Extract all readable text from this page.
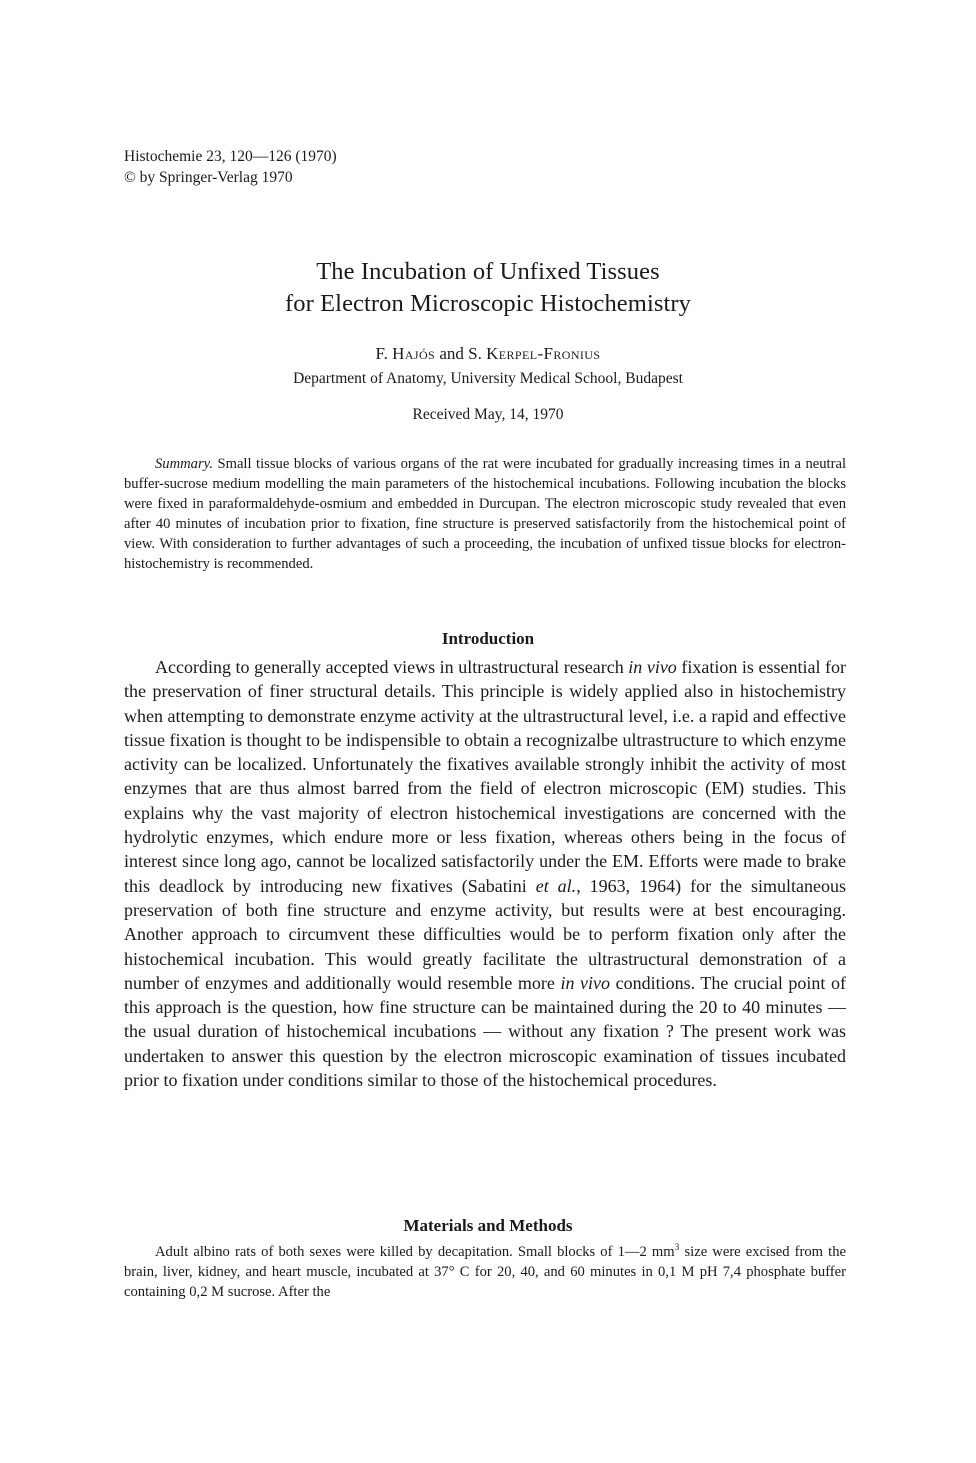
Histochemie 23, 120—126 (1970)
© by Springer-Verlag 1970
The Incubation of Unfixed Tissues
for Electron Microscopic Histochemistry
F. Hajós and S. Kerpel-Fronius
Department of Anatomy, University Medical School, Budapest
Received May, 14, 1970
Summary. Small tissue blocks of various organs of the rat were incubated for gradually increasing times in a neutral buffer-sucrose medium modelling the main parameters of the histochemical incubations. Following incubation the blocks were fixed in paraformaldehyde-osmium and embedded in Durcupan. The electron microscopic study revealed that even after 40 minutes of incubation prior to fixation, fine structure is preserved satisfactorily from the histochemical point of view. With consideration to further advantages of such a proceeding, the incubation of unfixed tissue blocks for electron-histochemistry is recommended.
Introduction
According to generally accepted views in ultrastructural research in vivo fixation is essential for the preservation of finer structural details. This principle is widely applied also in histochemistry when attempting to demonstrate enzyme activity at the ultrastructural level, i.e. a rapid and effective tissue fixation is thought to be indispensible to obtain a recognizalbe ultrastructure to which enzyme activity can be localized. Unfortunately the fixatives available strongly inhibit the activity of most enzymes that are thus almost barred from the field of electron microscopic (EM) studies. This explains why the vast majority of electron histochemical investigations are concerned with the hydrolytic enzymes, which endure more or less fixation, whereas others being in the focus of interest since long ago, cannot be localized satisfactorily under the EM. Efforts were made to brake this deadlock by introducing new fixatives (Sabatini et al., 1963, 1964) for the simultaneous preservation of both fine structure and enzyme activity, but results were at best encouraging. Another approach to circumvent these difficulties would be to perform fixation only after the histochemical incubation. This would greatly facilitate the ultrastructural demonstration of a number of enzymes and additionally would resemble more in vivo conditions. The crucial point of this approach is the question, how fine structure can be maintained during the 20 to 40 minutes — the usual duration of histochemical incubations — without any fixation ? The present work was undertaken to answer this question by the electron microscopic examination of tissues incubated prior to fixation under conditions similar to those of the histochemical procedures.
Materials and Methods
Adult albino rats of both sexes were killed by decapitation. Small blocks of 1—2 $mm^3$ size were excised from the brain, liver, kidney, and heart muscle, incubated at 37° C for 20, 40, and 60 minutes in 0,1 M pH 7,4 phosphate buffer containing 0,2 M sucrose. After the
